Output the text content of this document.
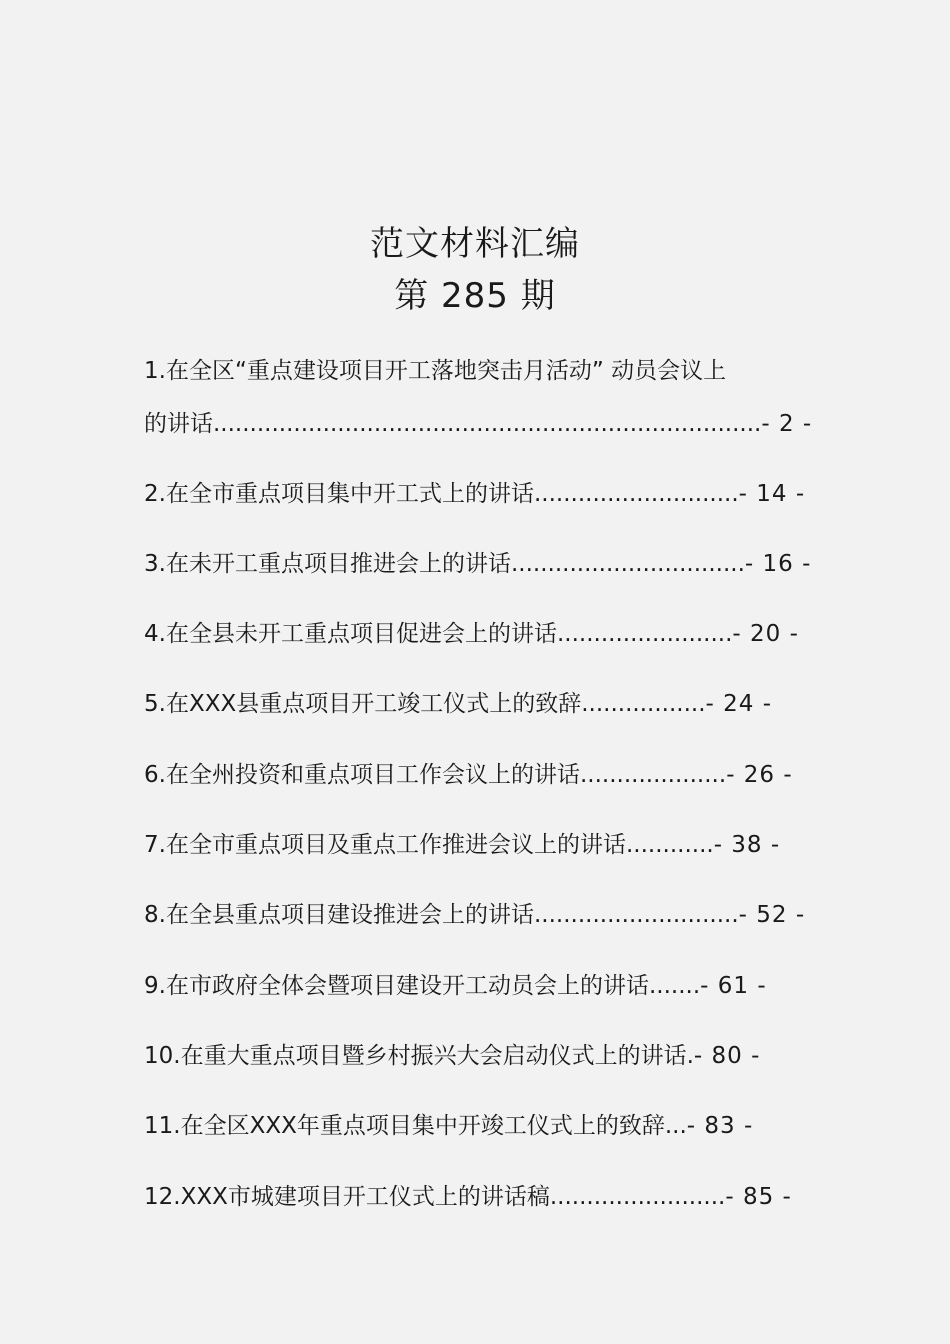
范文材料汇编
第 285 期
1.在全区“重点建设项目开工落地突击月活动” 动员会议上
的讲话...........................................................................- 2 -
2.在全市重点项目集中开工式上的讲话............................- 14 -
3.在未开工重点项目推进会上的讲话................................- 16 -
4.在全县未开工重点项目促进会上的讲话........................- 20 -
5.在XXX县重点项目开工竣工仪式上的致辞.................- 24 -
6.在全州投资和重点项目工作会议上的讲话....................- 26 -
7.在全市重点项目及重点工作推进会议上的讲话............- 38 -
8.在全县重点项目建设推进会上的讲话............................- 52 -
9.在市政府全体会暨项目建设开工动员会上的讲话.......- 61 -
10.在重大重点项目暨乡村振兴大会启动仪式上的讲话.- 80 -
11.在全区XXX年重点项目集中开竣工仪式上的致辞...- 83 -
12.XXX市城建项目开工仪式上的讲话稿........................- 85 -
